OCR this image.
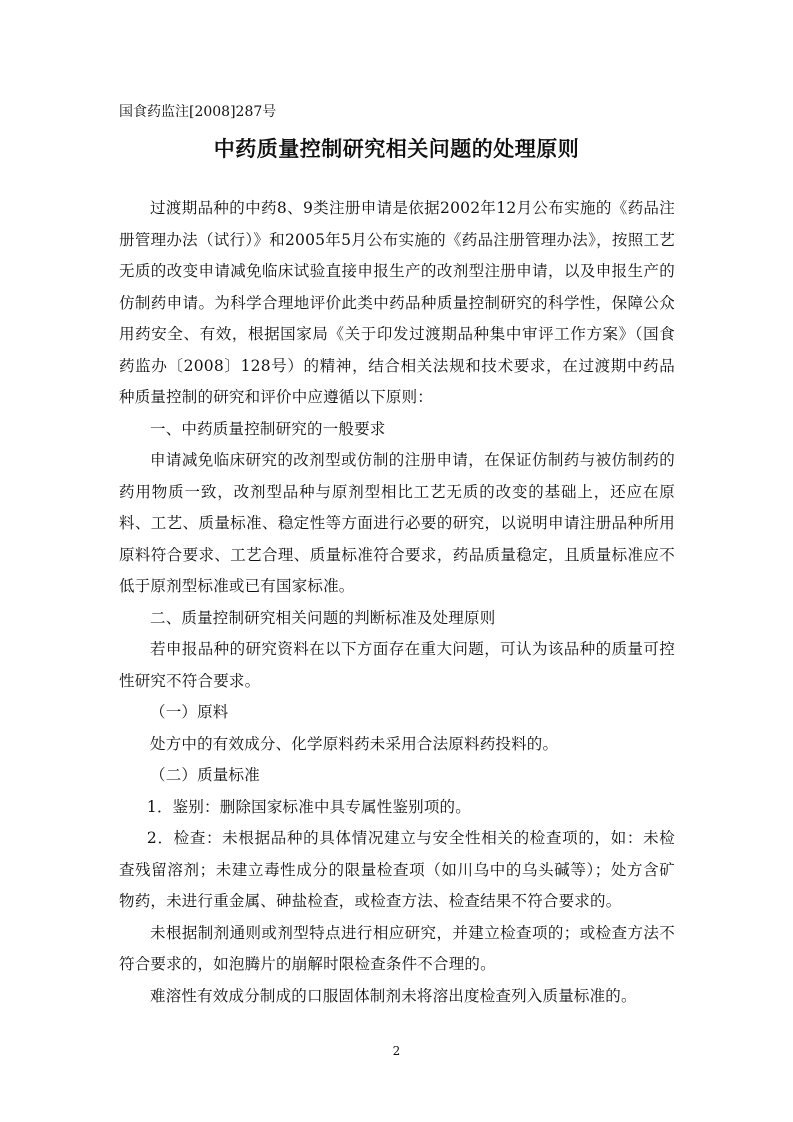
国食药监注[2008]287号
中药质量控制研究相关问题的处理原则

过渡期品种的中药8、9类注册申请是依据2002年12月公布实施的《药品注册管理办法（试行）》和2005年5月公布实施的《药品注册管理办法》，按照工艺无质的改变申请减免临床试验直接申报生产的改剂型注册申请，以及申报生产的仿制药申请。为科学合理地评价此类中药品种质量控制研究的科学性，保障公众用药安全、有效，根据国家局《关于印发过渡期品种集中审评工作方案》（国食药监办〔2008〕128号）的精神，结合相关法规和技术要求，在过渡期中药品种质量控制的研究和评价中应遵循以下原则：

一、中药质量控制研究的一般要求

申请减免临床研究的改剂型或仿制的注册申请，在保证仿制药与被仿制药的药用物质一致，改剂型品种与原剂型相比工艺无质的改变的基础上，还应在原料、工艺、质量标准、稳定性等方面进行必要的研究，以说明申请注册品种所用原料符合要求、工艺合理、质量标准符合要求，药品质量稳定，且质量标准应不低于原剂型标准或已有国家标准。

二、质量控制研究相关问题的判断标准及处理原则

若申报品种的研究资料在以下方面存在重大问题，可认为该品种的质量可控性研究不符合要求。

（一）原料

处方中的有效成分、化学原料药未采用合法原料药投料的。

（二）质量标准

1．鉴别：删除国家标准中具专属性鉴别项的。

2．检查：未根据品种的具体情况建立与安全性相关的检查项的，如：未检查残留溶剂；未建立毒性成分的限量检查项（如川乌中的乌头碱等）；处方含矿物药，未进行重金属、砷盐检查，或检查方法、检查结果不符合要求的。

未根据制剂通则或剂型特点进行相应研究，并建立检查项的；或检查方法不符合要求的，如泡腾片的崩解时限检查条件不合理的。

难溶性有效成分制成的口服固体制剂未将溶出度检查列入质量标准的。

2
